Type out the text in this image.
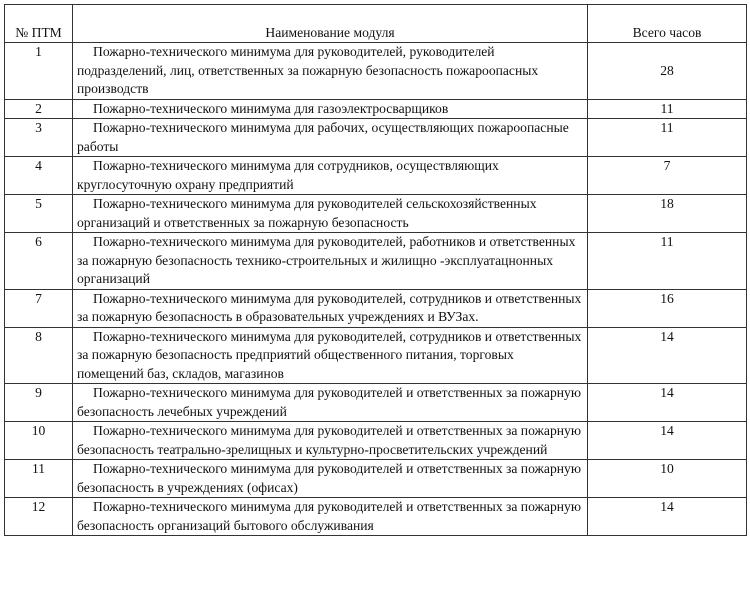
№ ПТМ	Наименование модуля	Всего часов
1	Пожарно-технического минимума для руководителей, руководителей подразделений, лиц, ответственных за пожарную безопасность пожароопасных производств	28
2	Пожарно-технического минимума для газоэлектросварщиков	11
3	Пожарно-технического минимума для рабочих, осуществляющих пожароопасные работы	11
4	Пожарно-технического минимума для сотрудников, осуществляющих круглосуточную охрану предприятий	7
5	Пожарно-технического минимума для руководителей сельскохозяйственных организаций и ответственных за пожарную безопасность	18
6	Пожарно-технического минимума для руководителей, работников и ответственных за пожарную безопасность технико-строительных и жилищно -эксплуатацнонных организаций	11
7	Пожарно-технического минимума для руководителей, сотрудников и ответственных за пожарную безопасность в образовательных учреждениях и ВУЗах.	16
8	Пожарно-технического минимума для руководителей, сотрудников и ответственных за пожарную безопасность предприятий общественного питания, торговых помещений баз, складов, магазинов	14
9	Пожарно-технического минимума для руководителей и ответственных за пожарную безопасность лечебных учреждений	14
10	Пожарно-технического минимума для руководителей и ответственных за пожарную безопасность театрально-зрелищных и культурно-просветительских учреждений	14
11	Пожарно-технического минимума для руководителей и ответственных за пожарную безопасность в учреждениях (офисах)	10
12	Пожарно-технического минимума для руководителей и ответственных за пожарную безопасность организаций бытового обслуживания	14
